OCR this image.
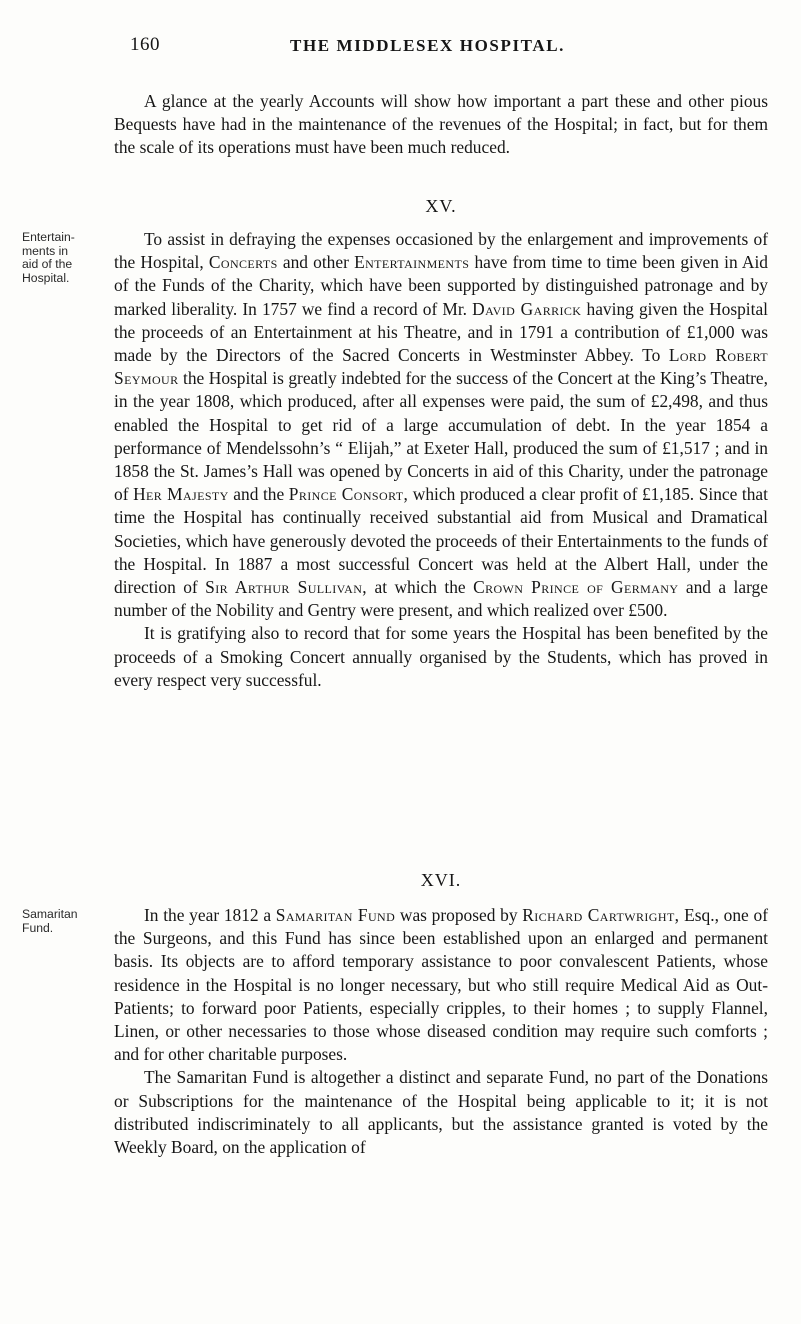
160	THE MIDDLESEX HOSPITAL.

A glance at the yearly Accounts will show how important a part these and other pious Bequests have had in the maintenance of the revenues of the Hospital; in fact, but for them the scale of its operations must have been much reduced.

XV.
Entertain-
ments in
aid of the
Hospital.

To assist in defraying the expenses occasioned by the enlargement and improvements of the Hospital, Concerts and other Entertainments have from time to time been given in Aid of the Funds of the Charity, which have been supported by distinguished patronage and by marked liberality. In 1757 we find a record of Mr. David Garrick having given the Hospital the proceeds of an Entertainment at his Theatre, and in 1791 a contribution of £1,000 was made by the Directors of the Sacred Concerts in Westminster Abbey. To Lord Robert Seymour the Hospital is greatly indebted for the success of the Concert at the King’s Theatre, in the year 1808, which produced, after all expenses were paid, the sum of £2,498, and thus enabled the Hospital to get rid of a large accumulation of debt. In the year 1854 a performance of Mendelssohn’s “ Elijah,” at Exeter Hall, produced the sum of £1,517 ; and in 1858 the St. James’s Hall was opened by Concerts in aid of this Charity, under the patronage of Her Majesty and the Prince Consort, which produced a clear profit of £1,185. Since that time the Hospital has continually received substantial aid from Musical and Dramatical Societies, which have generously devoted the proceeds of their Entertainments to the funds of the Hospital. In 1887 a most successful Concert was held at the Albert Hall, under the direction of Sir Arthur Sullivan, at which the Crown Prince of Germany and a large number of the Nobility and Gentry were present, and which realized over £500.

It is gratifying also to record that for some years the Hospital has been benefited by the proceeds of a Smoking Concert annually organised by the Students, which has proved in every respect very successful.

XVI.
Samaritan
Fund.

In the year 1812 a Samaritan Fund was proposed by Richard Cartwright, Esq., one of the Surgeons, and this Fund has since been established upon an enlarged and permanent basis. Its objects are to afford temporary assistance to poor convalescent Patients, whose residence in the Hospital is no longer necessary, but who still require Medical Aid as Out-Patients; to forward poor Patients, especially cripples, to their homes ; to supply Flannel, Linen, or other necessaries to those whose diseased condition may require such comforts ; and for other charitable purposes.

The Samaritan Fund is altogether a distinct and separate Fund, no part of the Donations or Subscriptions for the maintenance of the Hospital being applicable to it; it is not distributed indiscriminately to all applicants, but the assistance granted is voted by the Weekly Board, on the application of
